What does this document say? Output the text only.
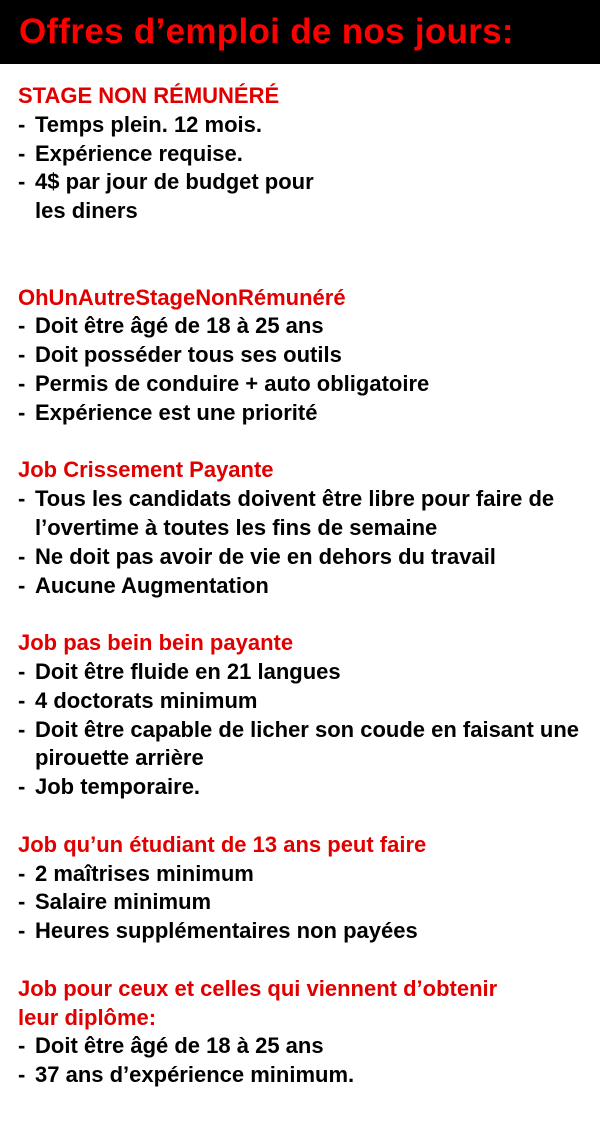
Offres d’emploi de nos jours:
STAGE NON RÉMUNÉRÉ
- Temps plein. 12 mois.
- Expérience requise.
- 4$ par jour de budget pour les diners
OhUnAutreStageNonRémunéré
- Doit être âgé de 18 à 25 ans
- Doit posséder tous ses outils
- Permis de conduire + auto obligatoire
- Expérience est une priorité
Job Crissement Payante
- Tous les candidats doivent être libre pour faire de l’overtime à toutes les fins de semaine
- Ne doit pas avoir de vie en dehors du travail
- Aucune Augmentation
Job pas bein bein payante
- Doit être fluide en 21 langues
- 4 doctorats minimum
- Doit être capable de licher son coude en faisant une pirouette arrière
- Job temporaire.
Job qu’un étudiant de 13 ans peut faire
- 2 maîtrises minimum
- Salaire minimum
- Heures supplémentaires non payées
Job pour ceux et celles qui viennent d’obtenir leur diplôme:
- Doit être âgé de 18 à 25 ans
- 37 ans d’expérience minimum.
